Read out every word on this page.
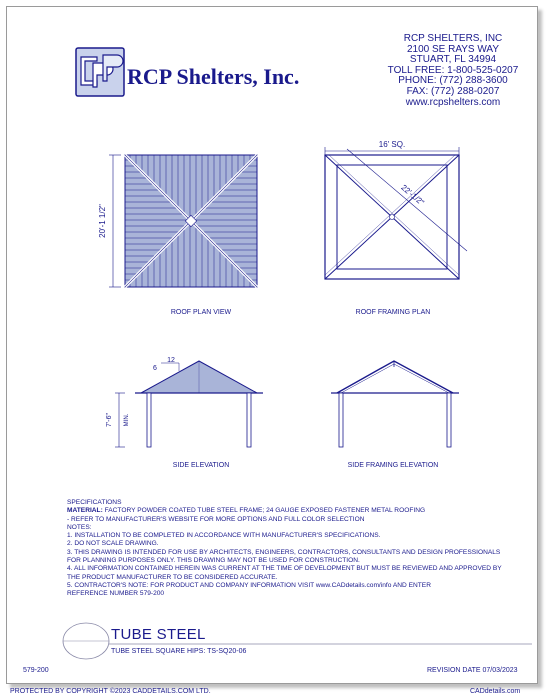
RCP Shelters, Inc.
RCP SHELTERS, INC
2100 SE RAYS WAY
STUART, FL 34994
TOLL FREE: 1-800-525-0207
PHONE: (772) 288-3600
FAX: (772) 288-0207
www.rcpshelters.com
20'-1 1/2"
ROOF PLAN VIEW
16' SQ.
22'-1/2"
ROOF FRAMING PLAN
12
6
7'-6" MIN.
SIDE ELEVATION	SIDE FRAMING ELEVATION
SPECIFICATIONS
MATERIAL: FACTORY POWDER COATED TUBE STEEL FRAME; 24 GAUGE EXPOSED FASTENER METAL ROOFING
- REFER TO MANUFACTURER'S WEBSITE FOR MORE OPTIONS AND FULL COLOR SELECTION
NOTES:
1. INSTALLATION TO BE COMPLETED IN ACCORDANCE WITH MANUFACTURER'S SPECIFICATIONS.
2. DO NOT SCALE DRAWING.
3. THIS DRAWING IS INTENDED FOR USE BY ARCHITECTS, ENGINEERS, CONTRACTORS, CONSULTANTS AND DESIGN PROFESSIONALS
FOR PLANNING PURPOSES ONLY. THIS DRAWING MAY NOT BE USED FOR CONSTRUCTION.
4. ALL INFORMATION CONTAINED HEREIN WAS CURRENT AT THE TIME OF DEVELOPMENT BUT MUST BE REVIEWED AND APPROVED BY
THE PRODUCT MANUFACTURER TO BE CONSIDERED ACCURATE.
5. CONTRACTOR'S NOTE: FOR PRODUCT AND COMPANY INFORMATION VISIT www.CADdetails.com/info AND ENTER
REFERENCE NUMBER 579-200
TUBE STEEL
TUBE STEEL SQUARE HIPS: TS-SQ20-06
579-200	REVISION DATE 07/03/2023
PROTECTED BY COPYRIGHT ©2023 CADDETAILS.COM LTD.	CADdetails.com
